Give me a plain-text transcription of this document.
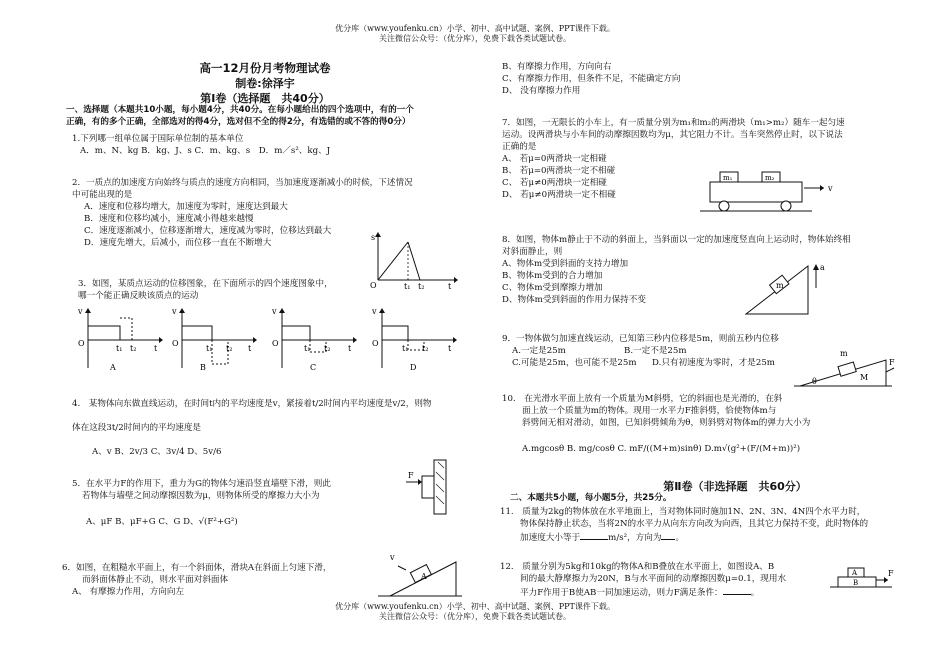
优分库（www.youfenku.cn）小学、初中、高中试题、案例、PPT课件下载。
关注微信公众号：（优分库），免费下载各类试题试卷。
高一12月份月考物理试卷
制卷:徐泽宇
第Ⅰ卷（选择题　共40分）
一、选择题（本题共10小题，每小题4分，共40分。在每小题给出的四个选项中，有的一个
正确，有的多个正确，全部选对的得4分，选对但不全的得2分，有选错的或不答的得0分）
1.下列哪一组单位属于国际单位制的基本单位
A．m、N、kg B．kg、J、s C．m、kg、s　D．m／s²、kg、J
2．一质点的加速度方向始终与质点的速度方向相同，当加速度逐渐减小的时候，下述情况
中可能出现的是
A．速度和位移均增大，加速度为零时，速度达到最大
B．速度和位移均减小，速度减小得越来越慢
C．速度逐渐减小，位移逐渐增大，速度减为零时，位移达到最大
D．速度先增大，后减小，而位移一直在不断增大
s
O	t₁ t₂	t
3．如图，某质点运动的位移图象，在下面所示的四个速度图象中，
哪一个能正确反映该质点的运动
v
O
t₁ t₂ t
A
v
O
t₁ t₂ t
B
v
O
t₁ t₂ t
C
v
O
t₁ t₂ t
D
4.　某物体向东做直线运动，在时间t内的平均速度是v，紧接着t/2时间内平均速度是v/2，则物
体在这段3t/2时间内的平均速度是
A、v B、2v/3 C、3v/4 D、5v/6
5．在水平力F的作用下，重力为G的物体匀速沿竖直墙壁下滑，则此
若物体与墙壁之间动摩擦因数为μ，则物体所受的摩擦力大小为
A、μF B、μF+G C、G D、√(F²+G²)
F
6．如图，在粗糙水平面上，有一个斜面体，滑块A在斜面上匀速下滑，
而斜面体静止不动，则水平面对斜面体
A、 有摩擦力作用，方向向左
A
v
B、有摩擦力作用，方向向右
C、有摩擦力作用，但条件不足，不能确定方向
D、 没有摩擦力作用
7．如图，一无限长的小车上，有一质量分别为m₁和m₂的两滑块（m₁>m₂）随车一起匀速
运动。设两滑块与小车间的动摩擦因数均为μ，其它阻力不计。当车突然停止时，以下说法
正确的是
A、 若μ=0两滑块一定相碰
B、 若μ=0两滑块一定不相碰
C、 若μ≠0两滑块一定相碰
D、 若μ≠0两滑块一定不相碰
m₁	m₂
v
8．如图，物体m静止于不动的斜面上，当斜面以一定的加速度竖直向上运动时，物体始终相
对斜面静止，则
A、物体m受到斜面的支持力增加
B、物体m受到的合力增加
C、物体m受到摩擦力增加
D、物体m受到斜面的作用力保持不变
m
a
9．一物体做匀加速直线运动，已知第三秒内位移是5m，则前五秒内位移
A.一定是25m	B.一定不是25m
C.可能是25m，也可能不是25m D.只有初速度为零时，才是25m
m
M
θ
F
10.　在光滑水平面上放有一个质量为M斜劈，它的斜面也是光滑的，在斜
面上放一个质量为m的物体。现用一水平力F推斜劈，恰使物体m与
斜劈间无相对滑动，如图，已知斜劈倾角为θ，则斜劈对物体m的弹力大小为
A.mgcosθ B. mg/cosθ C. mF/((M+m)sinθ) D.m√(g²+(F/(M+m))²)
第Ⅱ卷（非选择题　共60分）
二、本题共5小题，每小题5分，共25分。
11.　质量为2kg的物体放在水平地面上，当对物体同时施加1N、2N、3N、4N四个水平力时，
物体保持静止状态，当将2N的水平力从向东方向改为向西，且其它力保持不变，此时物体的
加速度大小等于	m/s²，方向为 。
12.　质量分别为5kg和10kg的物体A和B叠放在水平面上，如图设A、B
间的最大静摩擦力为20N，B与水平面间的动摩擦因数μ=0.1，现用水
平力F作用于B使AB一同加速运动，则力F满足条件：	。
A
B
F
优分库（www.youfenku.cn）小学、初中、高中试题、案例、PPT课件下载。
关注微信公众号：（优分库），免费下载各类试题试卷。
